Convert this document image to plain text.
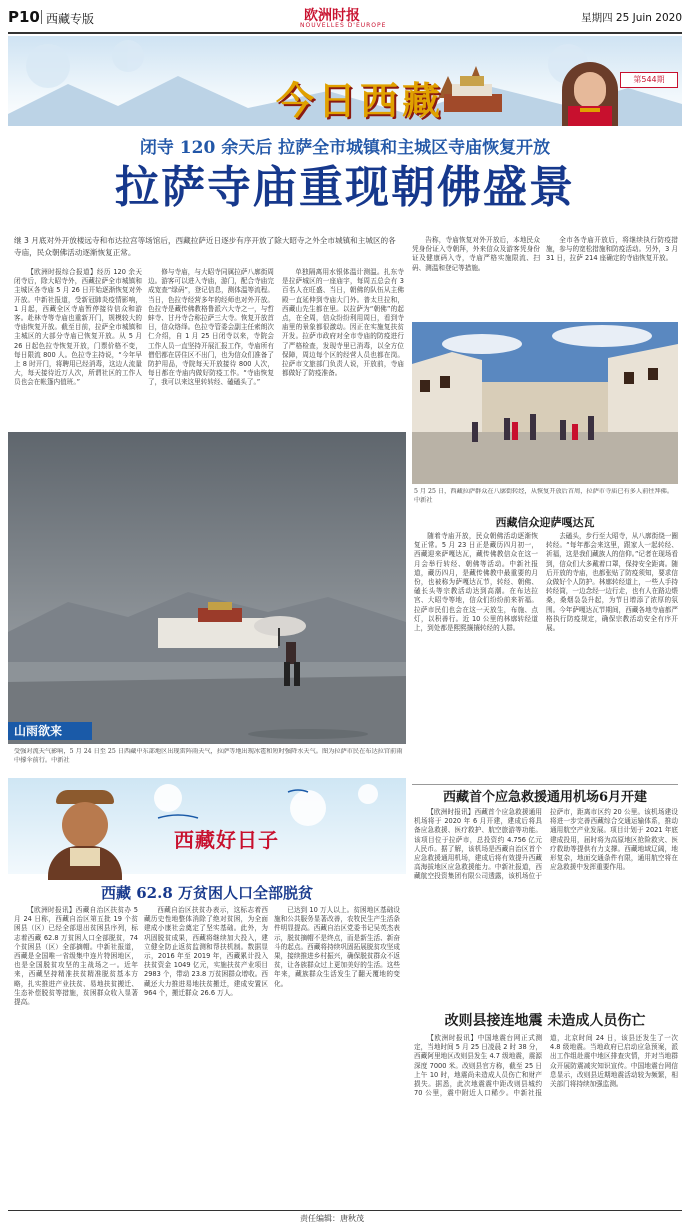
P10 西藏专版	欧洲时报
NOUVELLES D'EUROPE
星期四 25 Juin 2020
今日西藏	第544期
闭寺 120 余天后 拉萨全市城镇和主城区寺庙恢复开放
拉萨寺庙重现朝佛盛景
继 3 月底对外开放楼远寺和布达拉宫等场馆后，西藏拉萨近日逐步有序开放了除大昭寺之外全市城镇和主城区的各寺庙，民众朝佛活动逐渐恢复正常。

【欧洲时报综合报道】经历 120 余天闭寺后，除大昭寺外，西藏拉萨全市城镇和主城区各寺庙 5 月 26 日开始逐渐恢复对外开放。中新社报道，受新冠肺炎疫情影响，1 月起，西藏全区寺庙暂停接待信众和游客。赴林寺等寺庙也重新开门，规模较大的寺庙恢复开放。截至目前，拉萨全市城镇和主城区的大部分寺庙已恢复开放。从 5 月 26 日起色拉寺恢复开放，门票价格不变，每日限流 800 人。色拉寺主持说，“今年早上 8 时开门，将聘用已经消毒，这边人流量大，每天接待近万人次，所谓社区的工作人员也会在帐篷内值班。”

修与寺庙，与大昭寺同属拉萨八廓街周边。游客可以进入寺庙，游门，配合寺庙完成宽查“绿码”，登记信息，测体温等流程。当日，色拉寺经营多年的经师也对外开放。色拉寺是藏传佛教格鲁派六大寺之一，与哲蚌寺、甘丹寺合称拉萨三大寺。恢复开放首日，信众络绎。色拉寺管委会副主任索朗次仁介绍，自 1 月 25 日闭寺以来，寺院会工作人员一直坚持开展汇报工作，寺庙所有僧侣都在居住区不出门，也为信众们准备了防护用品，寺院每天开放接待 800 人次，每日都在寺庙内做好防疫工作。“寺庙恢复了，我可以来这里转转经、磕磕头了。”

单独隔离用水银体温计测温。扎东寺是拉萨城区的一座庙宇，每周五总会有 3 百名人在旺盛、当日，朝佛的队伍从主佛殿一直延伸到寺庙大门外。普太旦拉和，西藏山先生都在里。以拉萨为“朝佛”的起点，在全周，信众纷纷利用周日，看到寺庙里的景象都很激动。因正在实施复扶贫开发。拉萨市政府对全市寺庙的防疫进行了严格检查，发现寺里已消毒，以全方位保障，周边每个区的经营人员也都在岗。拉萨市文旅部门负责人说，开放前，寺庙都做好了防疫准备。

告称，寺庙恢复对外开放后，本地民众凭身份证入寺朝拜，外来信众及游客凭身份证及健康码入寺，寺庙严格实施限流、扫码、测温和登记等措施。

全市各寺庙开放后，将继续执行防疫措施，参与的宽松措施和防疫活动。另外，3 月 31 日，拉萨 214 座确定的寺庙恢复开放。

5 月 25 日，西藏拉萨群众在八廓街转经，从恢复开放后首周，拉萨市寺庙已有多人前往拜佛。中新社
西藏信众迎萨嘎达瓦

随着寺庙开放，民众朝佛活动逐渐恢复正常。5 月 23 日正是藏历四月初一，西藏迎来萨嘎达瓦，藏传佛教信众在这一月会举行转经、朝佛等活动。中新社报道，藏历四月，是藏传佛教中最重要的月份，也被称为萨嘎达瓦节，转经、朝佛、磕长头等宗教活动达到高潮。在布达拉宫、大昭寺等地，信众们纷纷前来祈福。拉萨市民们也会在这一天放生，布施、点灯，以积善行。近 10 公里的林廓转经道上，到处都是熙熙攘攘转经的人群。

去磕头，步行至大昭寺，从八廓街绕一圈转经。“每年都会来这里，跟家人一起转经、祈福，这是我们藏族人的信仰。”记者在现场看到，信众们大多戴着口罩，保持安全距离。随后开放的寺庙，也都张贴了防疫须知，要求信众做好个人防护。林廓转经道上，一些人手持转经筒，一边念经一边行走，也有人在路边煨桑，桑烟袅袅升起，为节日增添了浓厚的氛围。今年萨嘎达瓦节期间，西藏各地寺庙都严格执行防疫规定，确保宗教活动安全有序开展。

山雨欲来
受强对流天气影响，5 月 24 日至 25 日西藏中东部地区出现雷阵雨天气，拉萨等地出现冰雹和短时强降水天气。图为拉萨市民在布达拉宫前雨中撑伞前行。中新社
西藏首个应急救援通用机场6月开建

【欧洲时报讯】西藏首个应急救援通用机场将于 2020 年 6 月开建，建成后将具备应急救援、医疗救护、航空旅游等功能。该项目位于拉萨市，总投资约 4.756 亿元人民币。据了解，该机场是西藏自治区首个应急救援通用机场，建成后将有效提升西藏高海拔地区应急救援能力。中新社报道，西藏航空投资集团有限公司透露，该机场位于拉萨市，距离市区约 20 公里。该机场建设将进一步完善西藏综合交通运输体系，推动通用航空产业发展。项目计划于 2021 年底建成投用，届时将为高原地区抢险救灾、医疗救助等提供有力支撑。西藏地域辽阔，地形复杂，地面交通条件有限，通用航空将在应急救援中发挥重要作用。

改则县接连地震 未造成人员伤亡

【欧洲时报讯】中国地震台网正式测定，当地时间 5 月 25 日凌晨 2 时 38 分，西藏阿里地区改则县发生 4.7 级地震，震源深度 7000 米。改则县官方称，截至 25 日上午 10 时，地震尚未造成人员伤亡和财产损失。据悉，此次地震震中距改则县城约 70 公里，震中附近人口稀少。中新社报道，北京时间 24 日，该县还发生了一次 4.8 级地震。当地政府已启动应急预案，派出工作组赴震中地区排查灾情，并对当地群众开展防震减灾知识宣传。中国地震台网信息显示，改则县近期地震活动较为频繁，相关部门将持续加强监测。

西藏好日子
西藏 62.8 万贫困人口全部脱贫

【欧洲时报讯】西藏自治区扶贫办 5 月 24 日称，西藏自治区第五批 19 个贫困县（区）已经全部退出贫困县序列，标志着西藏 62.8 万贫困人口全部脱贫，74 个贫困县（区）全部摘帽。中新社报道，西藏是全国唯一省级集中连片特困地区，也是全国脱贫攻坚的主战场之一。近年来，西藏坚持精准扶贫精准脱贫基本方略，扎实推进产业扶贫、易地扶贫搬迁、生态补偿脱贫等措施，贫困群众收入显著提高。

西藏自治区扶贫办表示，这标志着西藏历史性地整体消除了绝对贫困，为全面建成小康社会奠定了坚实基础。此外，为巩固脱贫成果，西藏将继续加大投入，建立健全防止返贫监测和帮扶机制。数据显示，2016 年至 2019 年，西藏累计投入扶贫资金 1049 亿元，实施扶贫产业项目 2983 个，带动 23.8 万贫困群众增收。西藏还大力推进易地扶贫搬迁，建成安置区 964 个，搬迁群众 26.6 万人。

已达到 10 万人以上。贫困地区基础设施和公共服务显著改善，农牧民生产生活条件明显提高。西藏自治区党委书记吴英杰表示，脱贫摘帽不是终点，而是新生活、新奋斗的起点。西藏将持续巩固拓展脱贫攻坚成果，接续推进乡村振兴，确保脱贫群众不返贫，让各族群众过上更加美好的生活。这些年来，藏族群众生活发生了翻天覆地的变化。

责任编辑：唐秋茂
